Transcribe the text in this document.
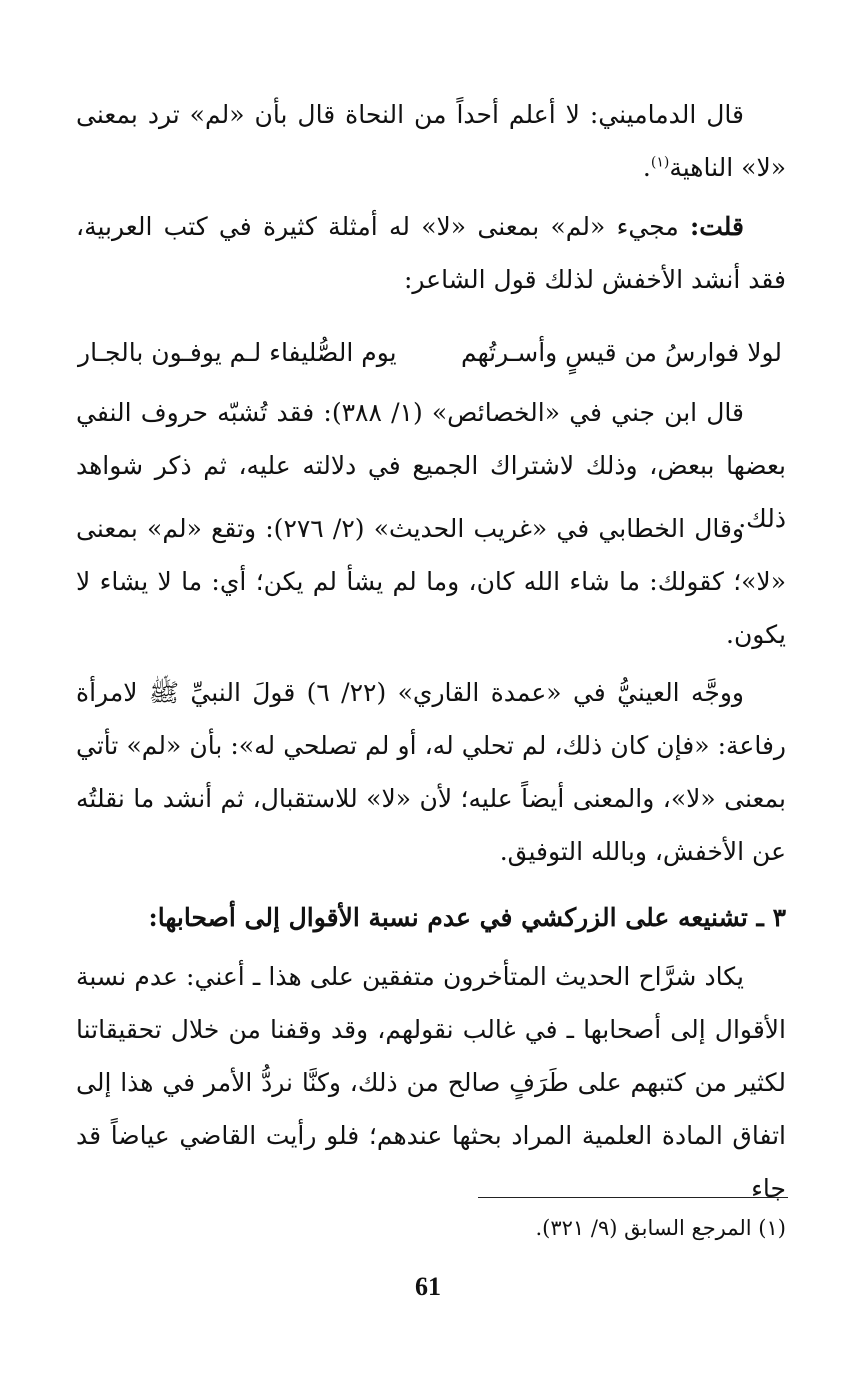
قال الدماميني: لا أعلم أحداً من النحاة قال بأن «لم» ترد بمعنى «لا» الناهية$^{(١)}$.
قلت: مجيء «لم» بمعنى «لا» له أمثلة كثيرة في كتب العربية، فقد أنشد الأخفش لذلك قول الشاعر:
لولا فوارسُ من قيسٍ وأسـرتُهم
يوم الصُّليفاء لـم يوفـون بالجـار
قال ابن جني في «الخصائص» (١/ ٣٨٨): فقد تُشبّه حروف النفي بعضها ببعض، وذلك لاشتراك الجميع في دلالته عليه، ثم ذكر شواهد ذلك.
وقال الخطابي في «غريب الحديث» (٢/ ٢٧٦): وتقع «لم» بمعنى «لا»؛ كقولك: ما شاء الله كان، وما لم يشأ لم يكن؛ أي: ما لا يشاء لا يكون.
ووجَّه العينيُّ في «عمدة القاري» (٢٢/ ٦) قولَ النبيِّ ﷺ لامرأة رفاعة: «فإن كان ذلك، لم تحلي له، أو لم تصلحي له»: بأن «لم» تأتي بمعنى «لا»، والمعنى أيضاً عليه؛ لأن «لا» للاستقبال، ثم أنشد ما نقلتُه عن الأخفش، وبالله التوفيق.
٣ ـ تشنيعه على الزركشي في عدم نسبة الأقوال إلى أصحابها:
يكاد شرَّاح الحديث المتأخرون متفقين على هذا ـ أعني: عدم نسبة الأقوال إلى أصحابها ـ في غالب نقولهم، وقد وقفنا من خلال تحقيقاتنا لكثير من كتبهم على طَرَفٍ صالح من ذلك، وكنَّا نردُّ الأمر في هذا إلى اتفاق المادة العلمية المراد بحثها عندهم؛ فلو رأيت القاضي عياضاً قد جاء
(١) المرجع السابق (٩/ ٣٢١).
61
